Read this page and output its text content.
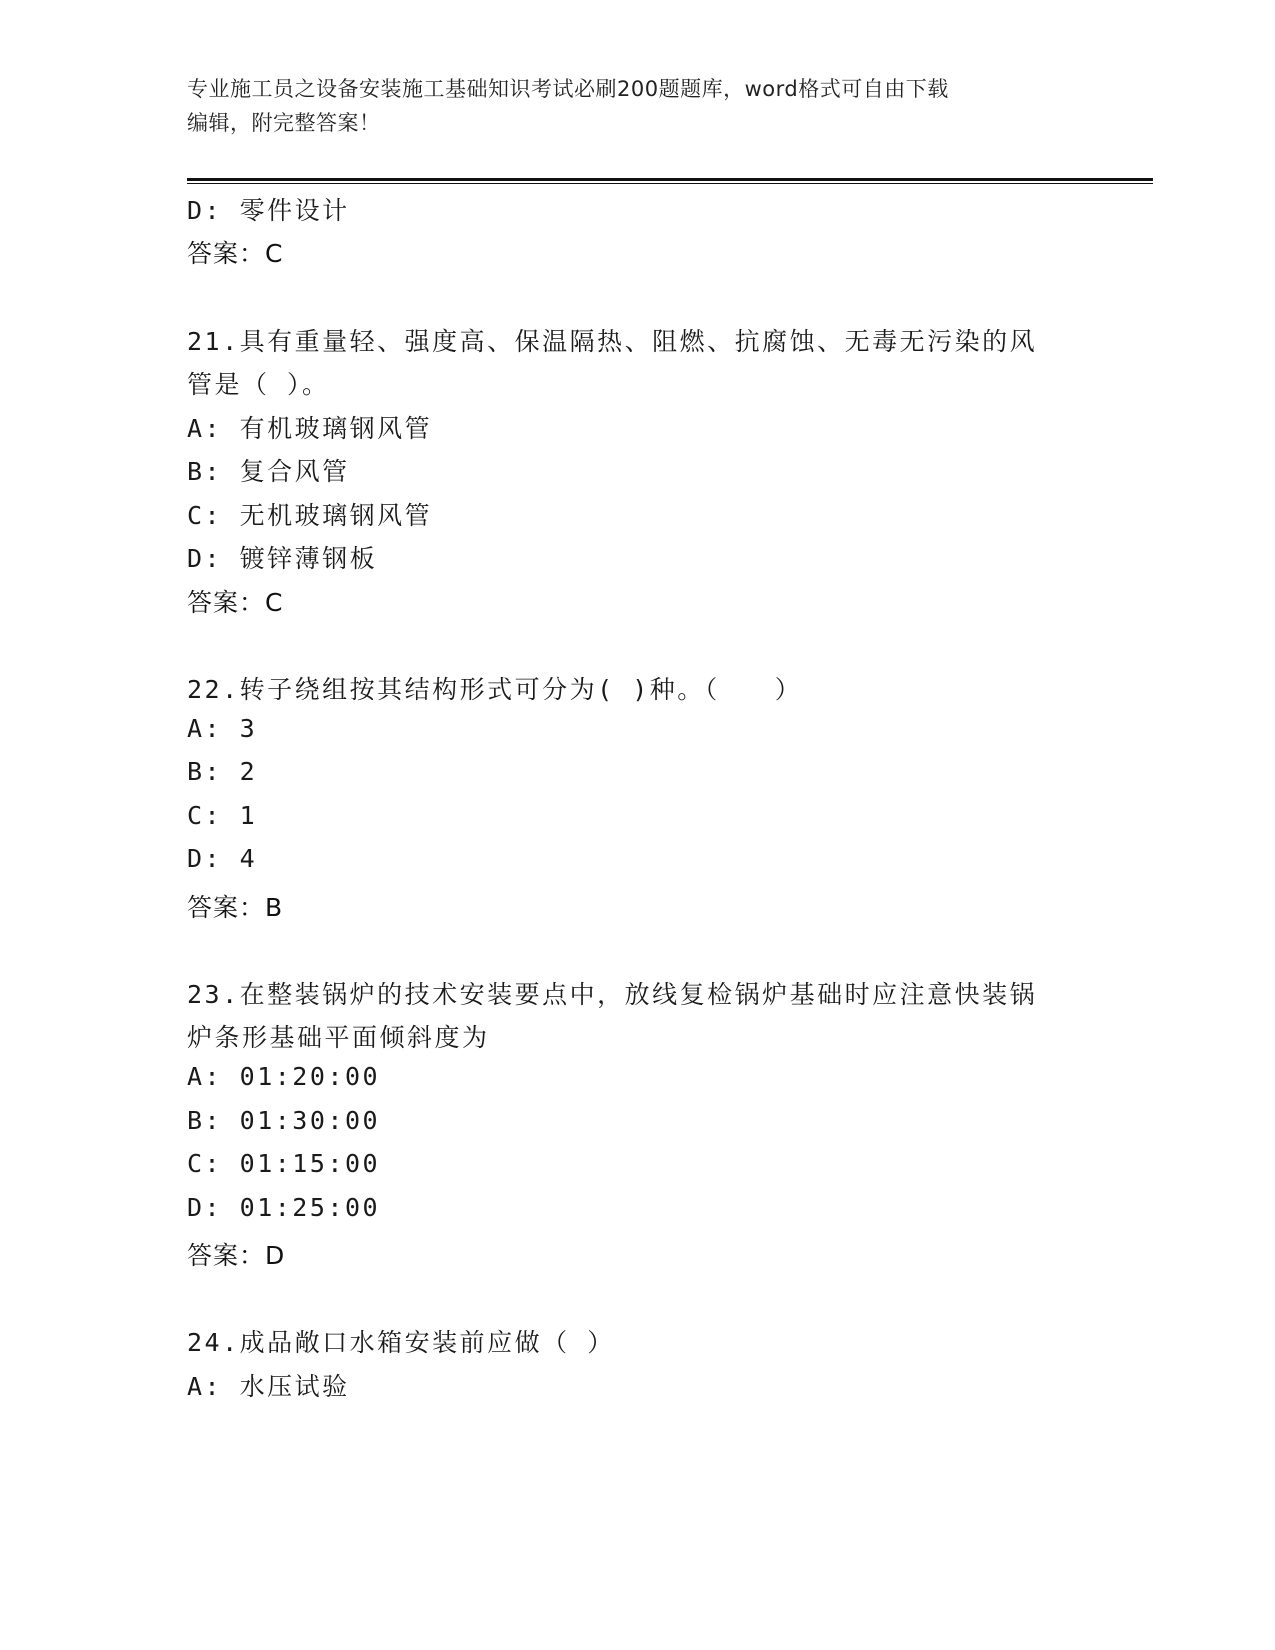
专业施工员之设备安装施工基础知识考试必刷200题题库，word格式可自由下载
编辑，附完整答案！
D: 零件设计
答案：C
21.具有重量轻、强度高、保温隔热、阻燃、抗腐蚀、无毒无污染的风
管是（ ）。
A: 有机玻璃钢风管
B: 复合风管
C: 无机玻璃钢风管
D: 镀锌薄钢板
答案：C
22.转子绕组按其结构形式可分为( )种。（　　）
A: 3
B: 2
C: 1
D: 4
答案：B
23.在整装锅炉的技术安装要点中，放线复检锅炉基础时应注意快装锅
炉条形基础平面倾斜度为
A: 01:20:00
B: 01:30:00
C: 01:15:00
D: 01:25:00
答案：D
24.成品敞口水箱安装前应做（ ）
A: 水压试验
